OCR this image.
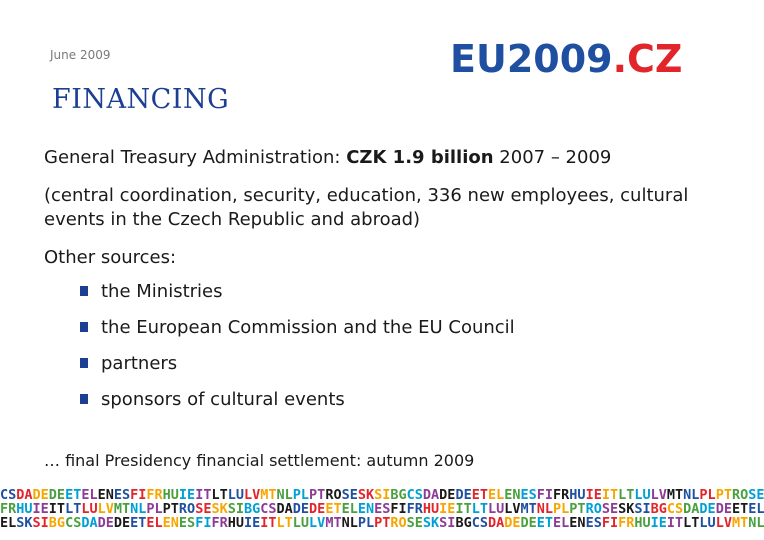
June 2009	EU2009.CZ
FINANCING

General Treasury Administration: CZK 1.9 billion 2007 – 2009

(central coordination, security, education, 336 new employees, cultural events in the Czech Republic and abroad)

Other sources:

the Ministries
the European Commission and the EU Council
partners
sponsors of cultural events
… final Presidency financial settlement: autumn 2009
CSDADEDEETELENESFIFRHUIEITLTLULVMTNLPLPTROSESKSIBGCSDADEDEETELENESFIFRHUIEITLTLULVMTNLPLPTROSE
FRHUIEITLTLULVMTNLPLPTROSESKSIBGCSDADEDEETELENESFIFRHUIEITLTLULVMTNLPLPTROSESKSIBGCSDADEDEETEL
ELSKSIBGCSDADEDEETELENESFIFRHUIEITLTLULVMTNLPLPTROSESKSIBGCSDADEDEETELENESFIFRHUIEITLTLULVMTNL
